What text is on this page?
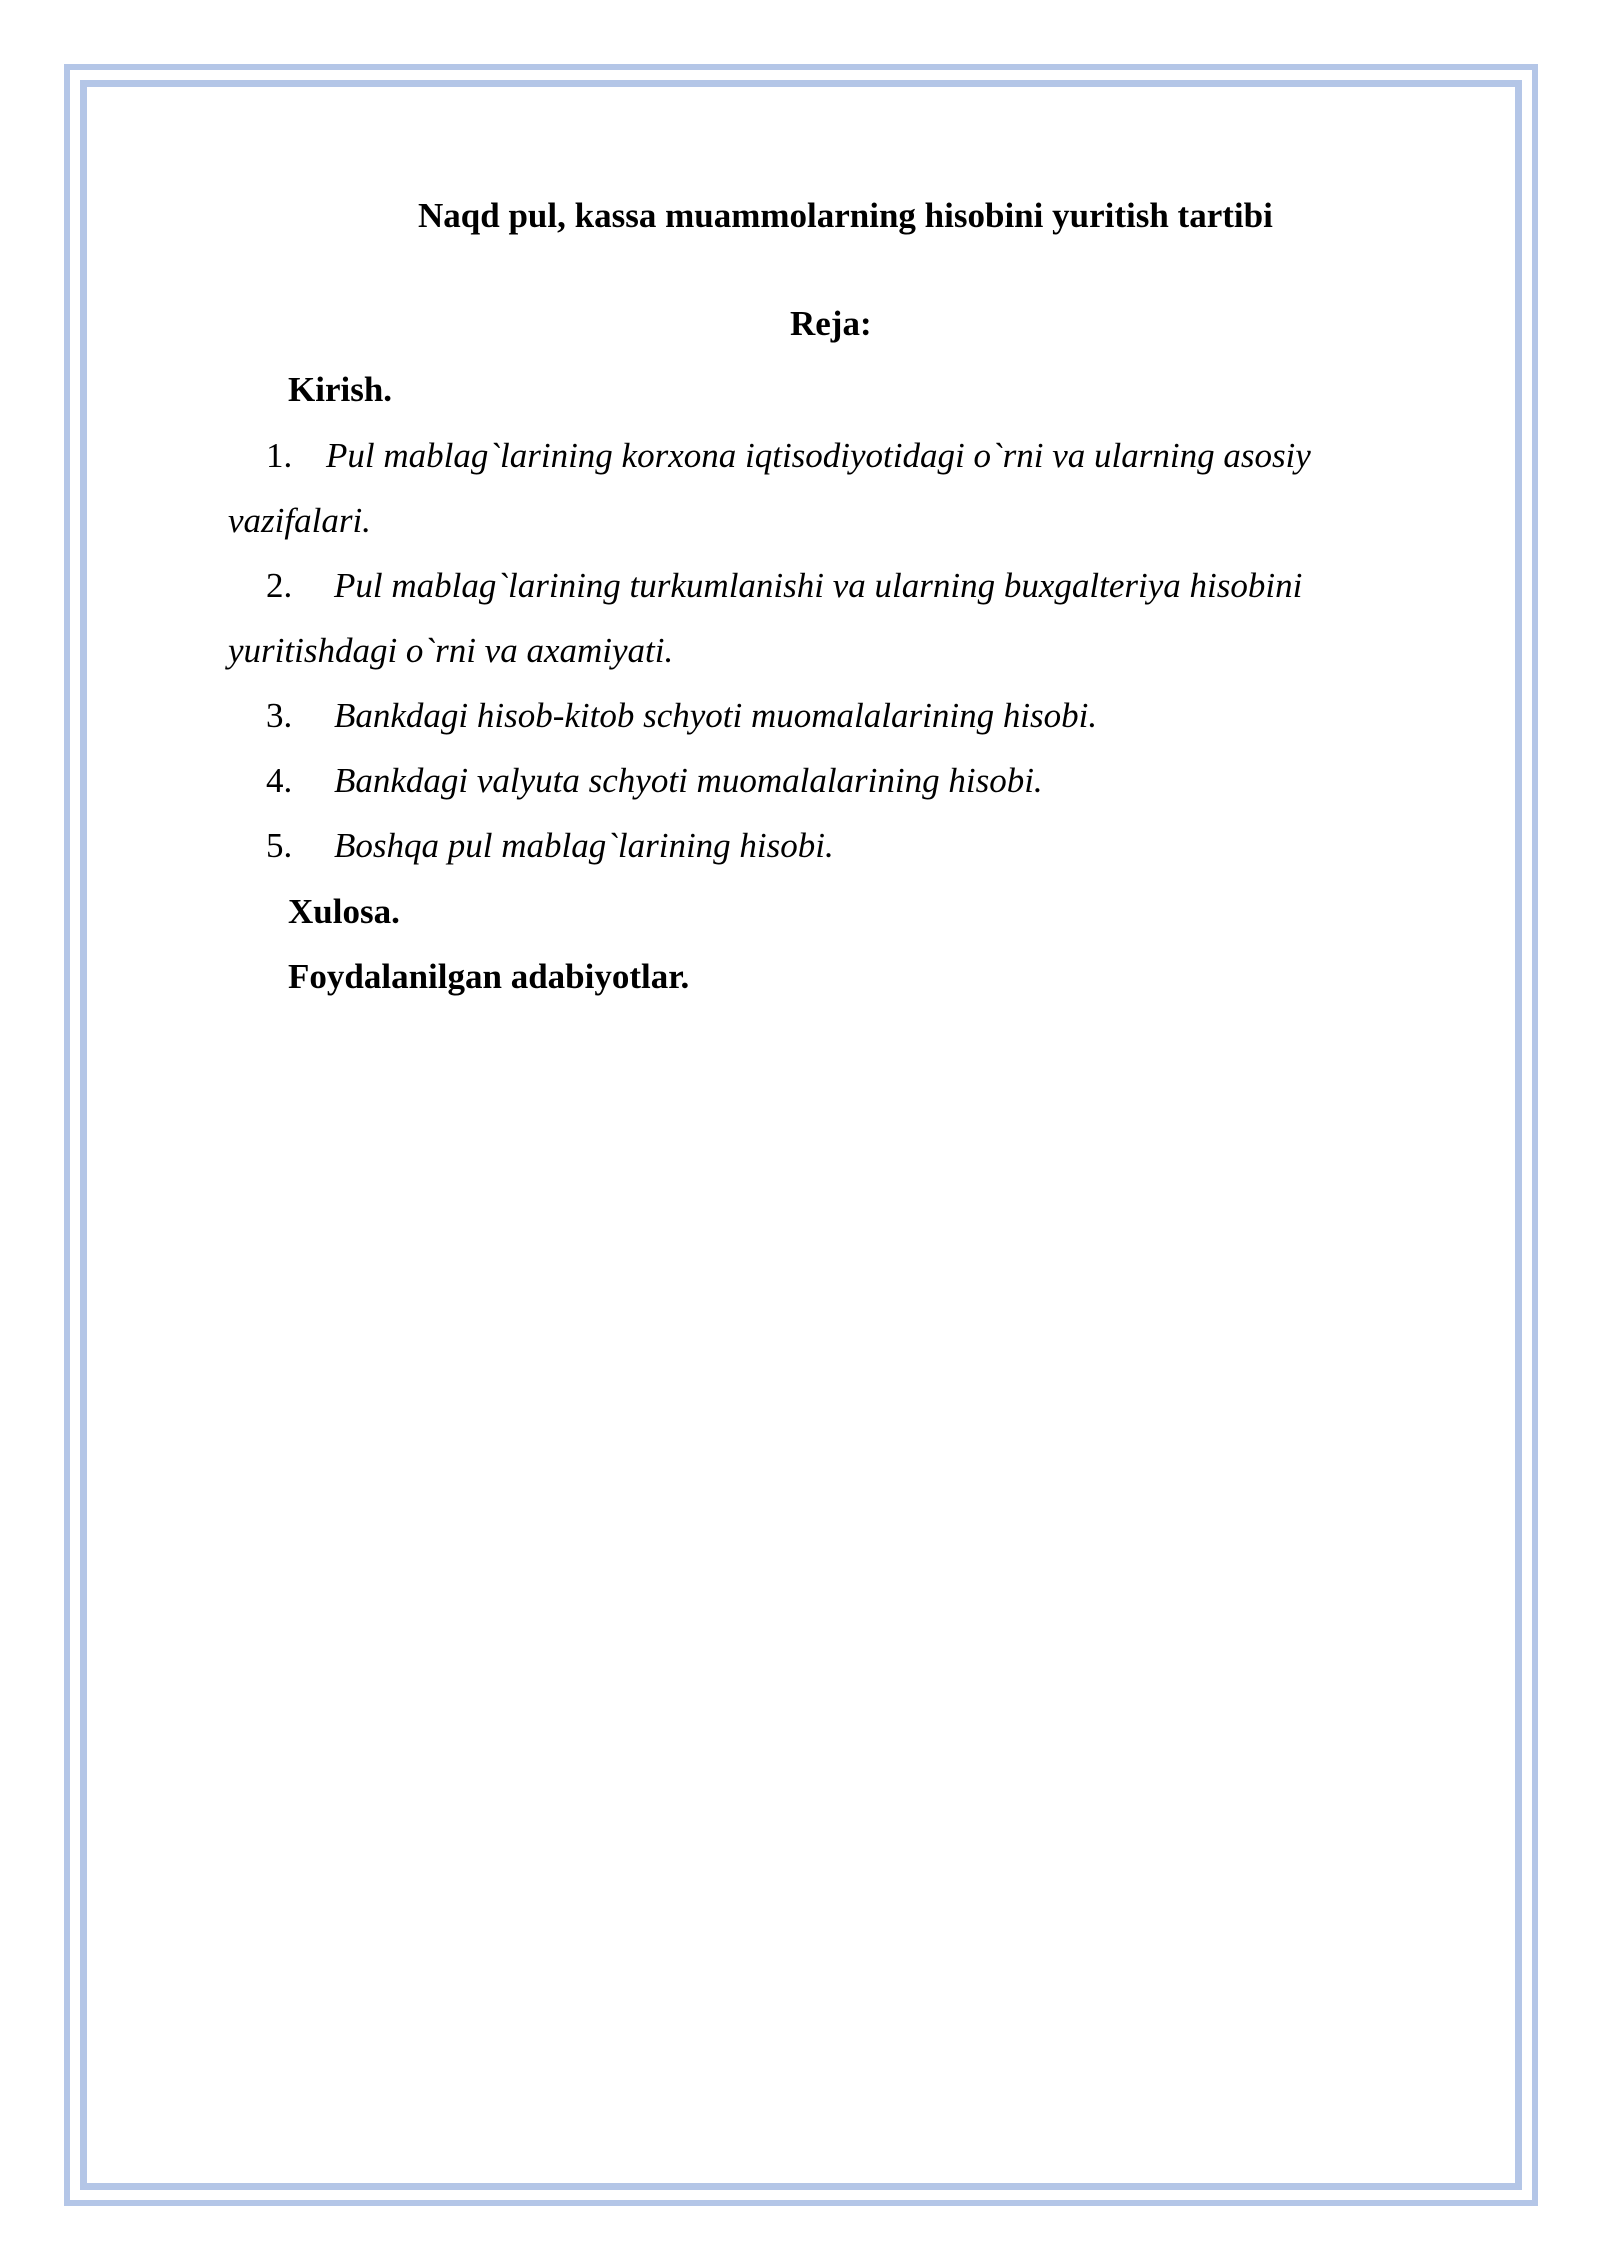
Naqd pul, kassa muammolarning hisobini yuritish tartibi
Reja:
Kirish.
1. Pul mablag`larining korxona iqtisodiyotidagi o`rni va ularning asosiy
vazifalari.
2. Pul mablag`larining turkumlanishi va ularning buxgalteriya hisobini
yuritishdagi o`rni va axamiyati.
3. Bankdagi hisob-kitob schyoti muomalalarining hisobi.
4. Bankdagi valyuta schyoti muomalalarining hisobi.
5. Boshqa pul mablag`larining hisobi.
Xulosa.
Foydalanilgan adabiyotlar.
